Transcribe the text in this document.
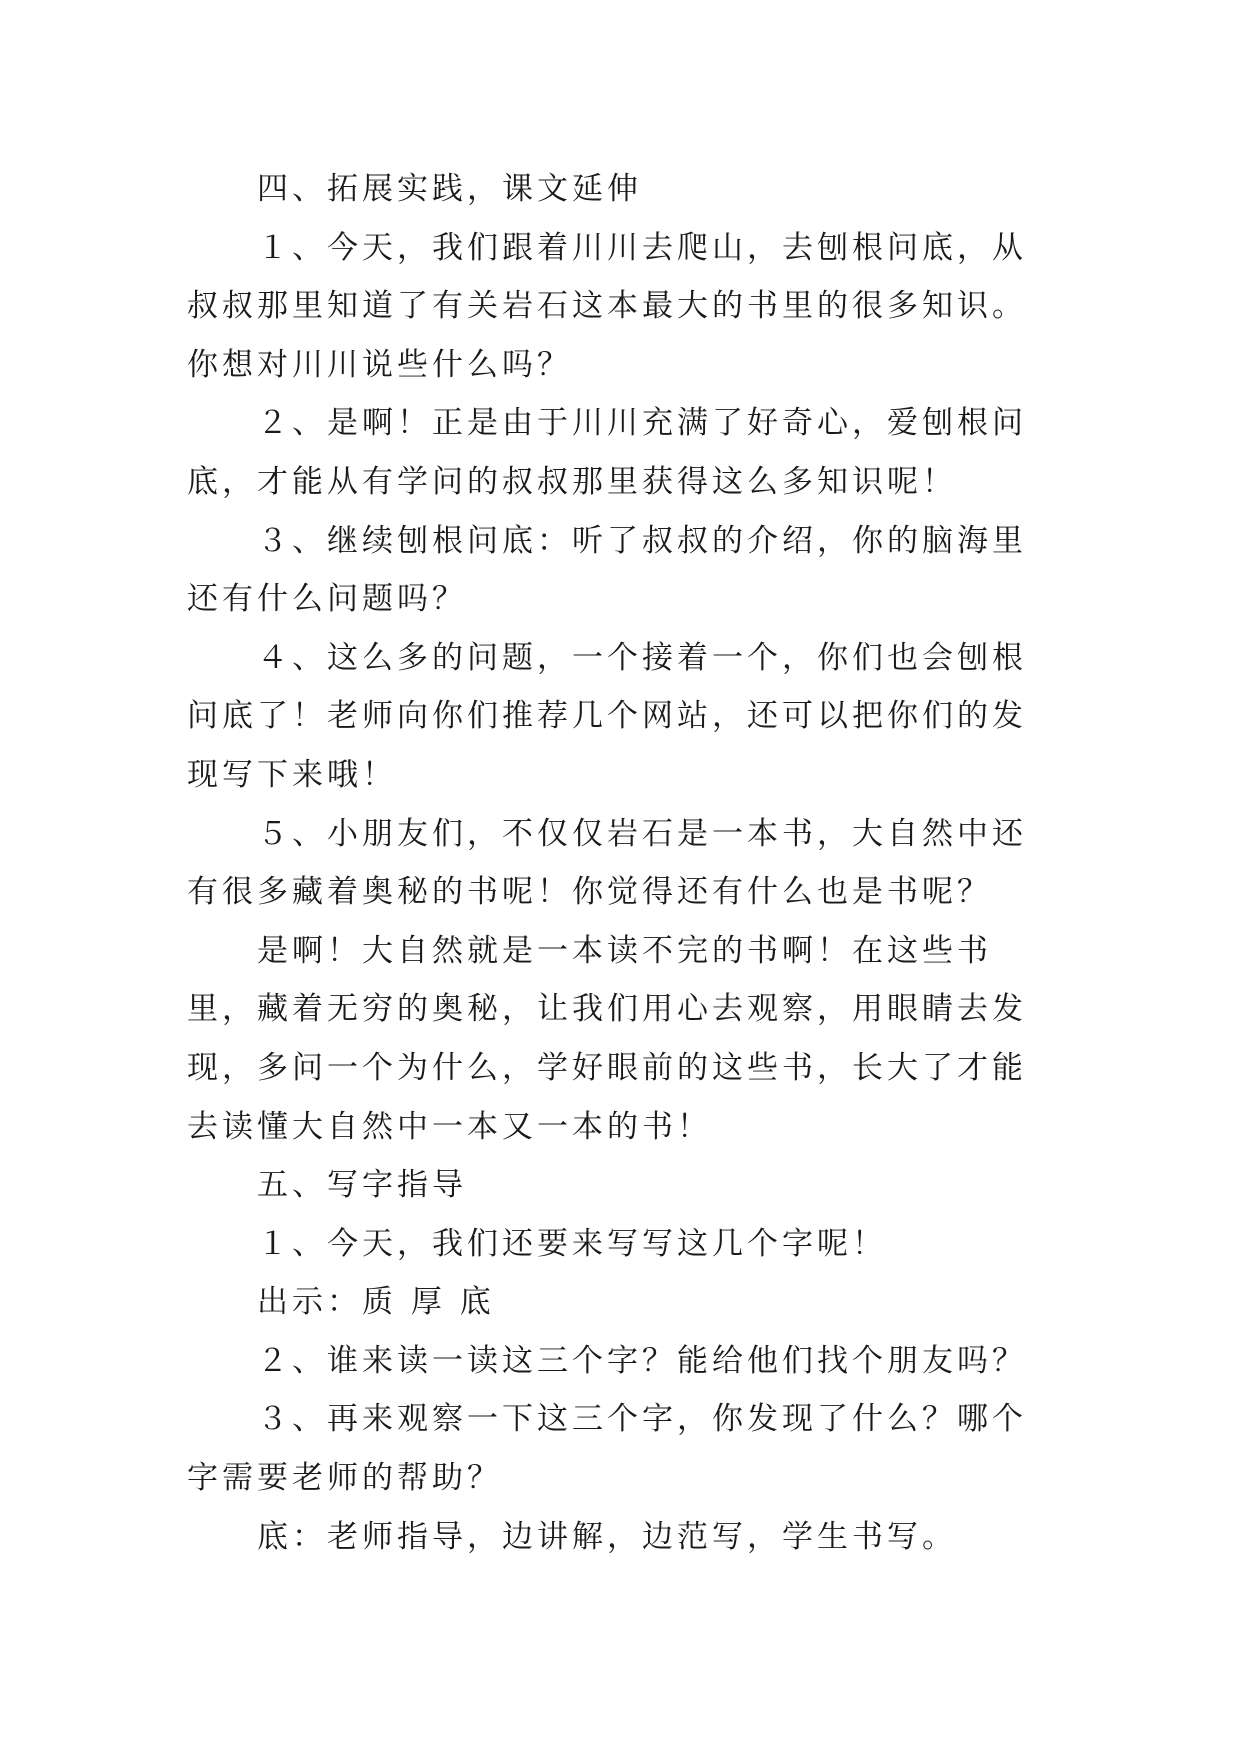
四、拓展实践，课文延伸

１、今天，我们跟着川川去爬山，去刨根问底，从叔叔那里知道了有关岩石这本最大的书里的很多知识。你想对川川说些什么吗？

２、是啊！正是由于川川充满了好奇心，爱刨根问底，才能从有学问的叔叔那里获得这么多知识呢！

３、继续刨根问底：听了叔叔的介绍，你的脑海里还有什么问题吗？

４、这么多的问题，一个接着一个，你们也会刨根问底了！老师向你们推荐几个网站，还可以把你们的发现写下来哦！

５、小朋友们，不仅仅岩石是一本书，大自然中还有很多藏着奥秘的书呢！你觉得还有什么也是书呢？

是啊！大自然就是一本读不完的书啊！在这些书里，藏着无穷的奥秘，让我们用心去观察，用眼睛去发现，多问一个为什么，学好眼前的这些书，长大了才能去读懂大自然中一本又一本的书！

五、写字指导

１、今天，我们还要来写写这几个字呢！

出示：质 厚 底

２、谁来读一读这三个字？能给他们找个朋友吗？

３、再来观察一下这三个字，你发现了什么？哪个字需要老师的帮助？

底：老师指导，边讲解，边范写，学生书写。
